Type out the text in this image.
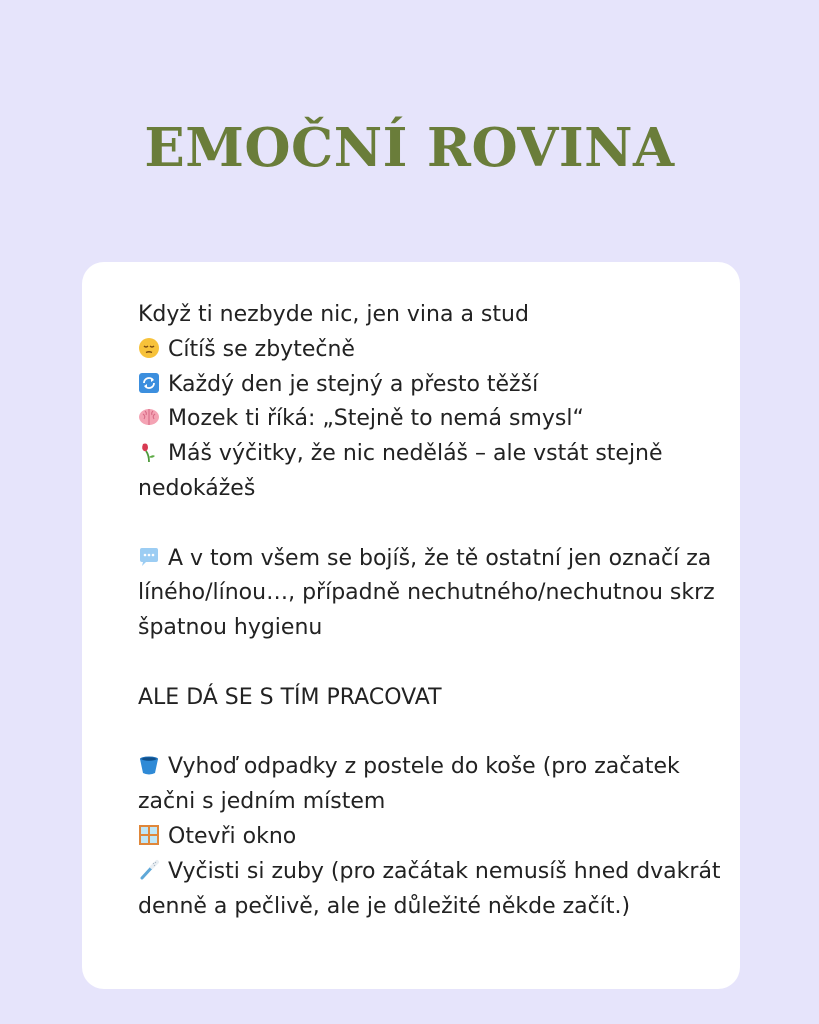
EMOČNÍ ROVINA
Když ti nezbyde nic, jen vina a stud
Cítíš se zbytečně
Každý den je stejný a přesto těžší
Mozek ti říká: „Stejně to nemá smysl“
Máš výčitky, že nic neděláš – ale vstát stejně nedokážeš
A v tom všem se bojíš, že tě ostatní jen označí za líného/línou…, případně nechutného/nechutnou skrz špatnou hygienu
ALE DÁ SE S TÍM PRACOVAT
Vyhoď odpadky z postele do koše (pro začatek začni s jedním místem
Otevři okno
Vyčisti si zuby (pro začátak nemusíš hned dvakrát denně a pečlivě, ale je důležité někde začít.)
